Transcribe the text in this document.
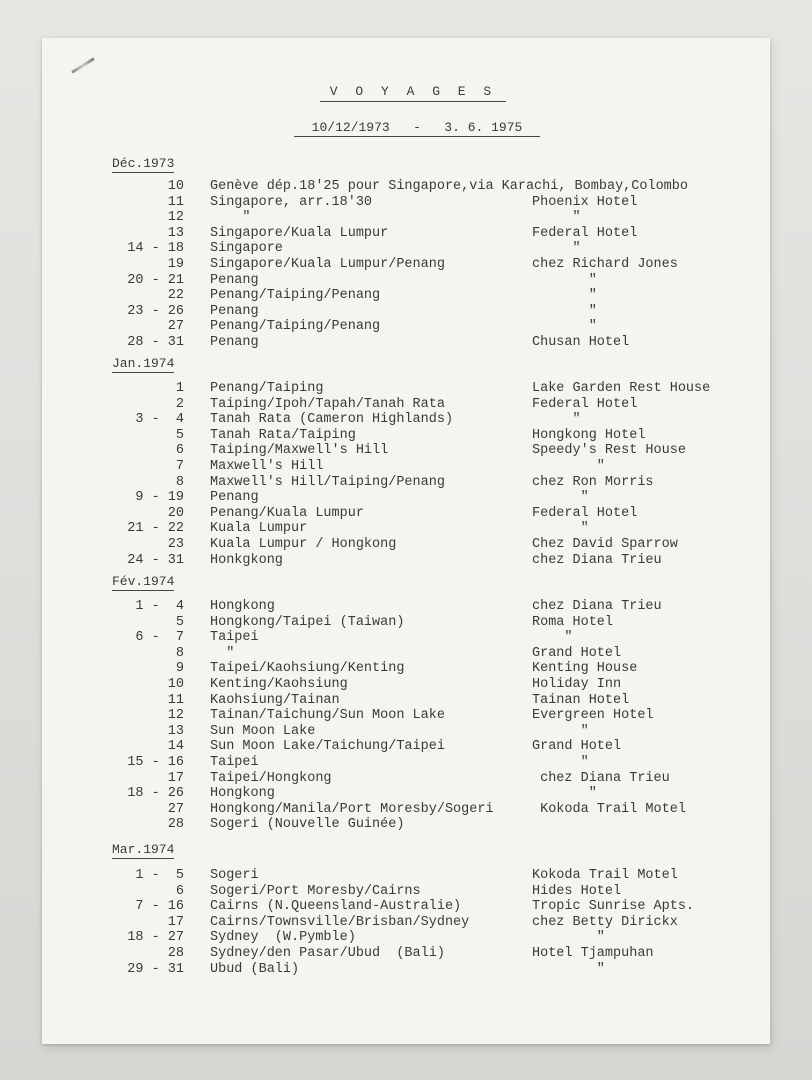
V O Y A G E S
10/12/1973   -   3. 6. 1975
Déc.1973
10 Genève dép.18'25 pour Singapore,via Karachi, Bombay,Colombo
11 Singapore, arr.18'30	Phoenix Hotel
12 "	"
13 Singapore/Kuala Lumpur	Federal Hotel
14 - 18 Singapore	"
19 Singapore/Kuala Lumpur/Penang	chez Richard Jones
20 - 21 Penang	"
22 Penang/Taiping/Penang	"
23 - 26 Penang	"
27 Penang/Taiping/Penang	"
28 - 31 Penang	Chusan Hotel
Jan.1974
1 Penang/Taiping	Lake Garden Rest House
2 Taiping/Ipoh/Tapah/Tanah Rata	Federal Hotel
3 -  4 Tanah Rata (Cameron Highlands)	"
5 Tanah Rata/Taiping	Hongkong Hotel
6 Taiping/Maxwell's Hill	Speedy's Rest House
7 Maxwell's Hill	"
8 Maxwell's Hill/Taiping/Penang	chez Ron Morris
9 - 19 Penang	"
20 Penang/Kuala Lumpur	Federal Hotel
21 - 22 Kuala Lumpur	"
23 Kuala Lumpur / Hongkong	Chez David Sparrow
24 - 31 Honkgkong	chez Diana Trieu
Fév.1974
1 -  4 Hongkong	chez Diana Trieu
5 Hongkong/Taipei (Taiwan)	Roma Hotel
6 -  7 Taipei	"
8 "	Grand Hotel
9 Taipei/Kaohsiung/Kenting	Kenting House
10 Kenting/Kaohsiung	Holiday Inn
11 Kaohsiung/Tainan	Tainan Hotel
12 Tainan/Taichung/Sun Moon Lake	Evergreen Hotel
13 Sun Moon Lake	"
14 Sun Moon Lake/Taichung/Taipei	Grand Hotel
15 - 16 Taipei	"
17 Taipei/Hongkong	chez Diana Trieu
18 - 26 Hongkong	"
27 Hongkong/Manila/Port Moresby/Sogeri	Kokoda Trail Motel
28 Sogeri (Nouvelle Guinée)
Mar.1974
1 -  5 Sogeri	Kokoda Trail Motel
6 Sogeri/Port Moresby/Cairns	Hides Hotel
7 - 16 Cairns (N.Queensland-Australie)	Tropic Sunrise Apts.
17 Cairns/Townsville/Brisban/Sydney	chez Betty Dirickx
18 - 27 Sydney  (W.Pymble)	"
28 Sydney/den Pasar/Ubud  (Bali)	Hotel Tjampuhan
29 - 31 Ubud (Bali)	"
